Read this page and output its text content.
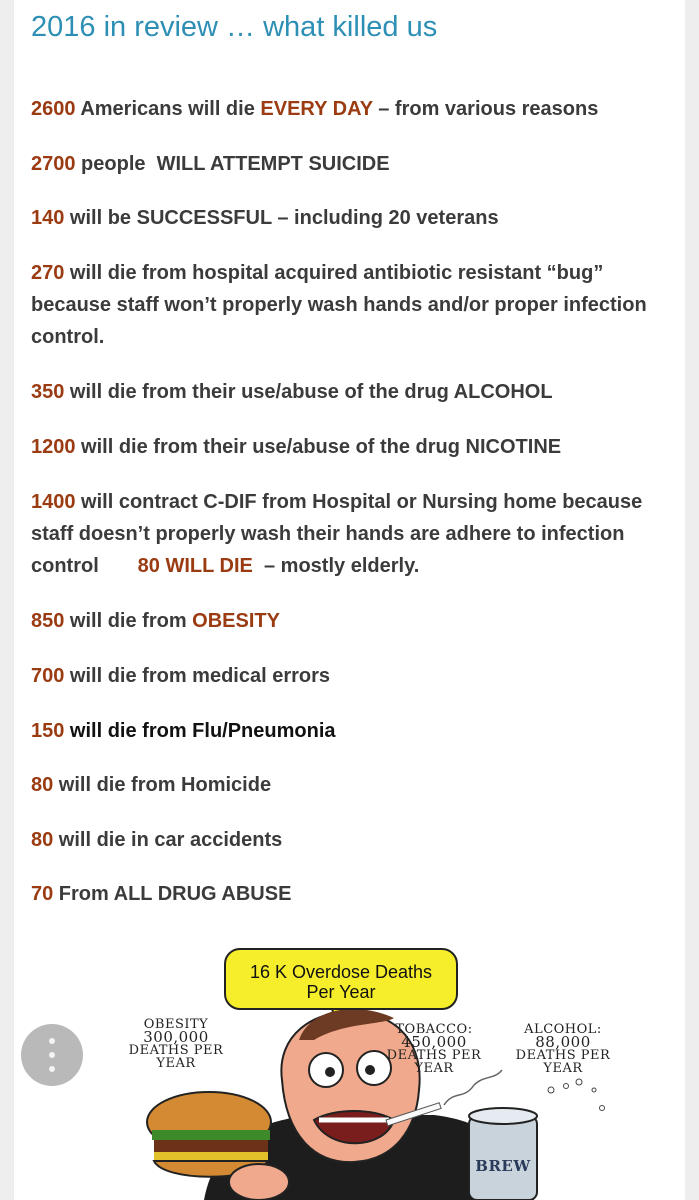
2016 in review … what killed us
2600 Americans will die EVERY DAY – from various reasons
2700 people  WILL ATTEMPT SUICIDE
140 will be SUCCESSFUL – including 20 veterans
270 will die from hospital acquired antibiotic resistant “bug” because staff won’t properly wash hands and/or proper infection control.
350 will die from their use/abuse of the drug ALCOHOL
1200 will die from their use/abuse of the drug NICOTINE
1400 will contract C-DIF from Hospital or Nursing home because staff doesn’t properly wash their hands are adhere to infection control       80 WILL DIE  – mostly elderly.
850 will die from OBESITY
700 will die from medical errors
150 will die from Flu/Pneumonia
80 will die from Homicide
80 will die in car accidents
70 From ALL DRUG ABUSE
16 K Overdose Deaths
Per Year
OBESITY
300,000
DEATHS PER YEAR
TOBACCO:
450,000
DEATHS PER YEAR
ALCOHOL:
88,000
DEATHS PER YEAR
BREW
